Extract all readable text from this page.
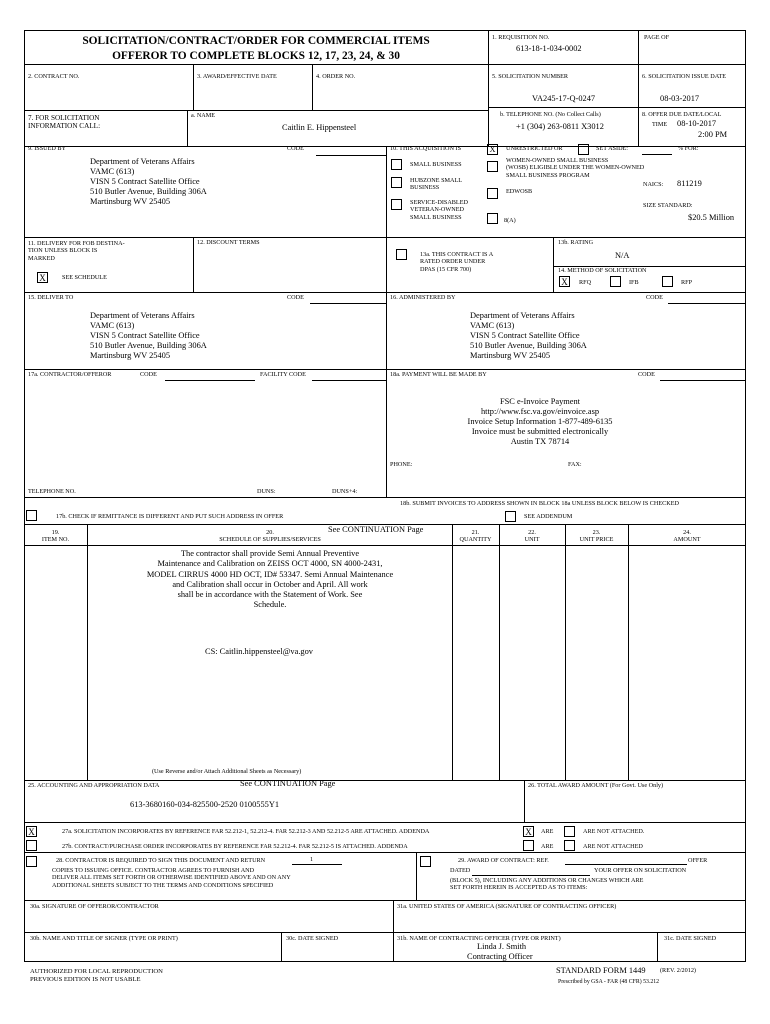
SOLICITATION/CONTRACT/ORDER FOR COMMERCIAL ITEMS
OFFEROR TO COMPLETE BLOCKS 12, 17, 23, 24, & 30
1. REQUISITION NO.
613-18-1-034-0002
PAGE OF
2. CONTRACT NO.	3. AWARD/EFFECTIVE DATE	4. ORDER NO.	5. SOLICITATION NUMBER
VA245-17-Q-0247
6. SOLICITATION ISSUE DATE
08-03-2017
7. FOR SOLICITATION
INFORMATION CALL:
a. NAME
Caitlin E. Hippensteel
b. TELEPHONE NO. (No Collect Calls)
+1 (304) 263-0811 X3012
8. OFFER DUE DATE/LOCAL
TIME 08-10-2017
2:00 PM
9. ISSUED BY	CODE
Department of Veterans Affairs
VAMC (613)
VISN 5 Contract Satellite Office
510 Butler Avenue, Building 306A
Martinsburg WV 25405
10. THIS ACQUISITION IS	X	UNRESTRICTED OR	SET ASIDE:	% FOR:
SMALL BUSINESS
WOMEN-OWNED SMALL BUSINESS
(WOSB) ELIGIBLE UNDER THE WOMEN-OWNED
SMALL BUSINESS PROGRAM
HUBZONE SMALL
BUSINESS
EDWOSB
NAICS: 811219
SERVICE-DISABLED
VETERAN-OWNED
SMALL BUSINESS	8(A)
SIZE STANDARD:
$20.5 Million
11. DELIVERY FOR FOB DESTINA-
TION UNLESS BLOCK IS
MARKED
X	SEE SCHEDULE
12. DISCOUNT TERMS
13a. THIS CONTRACT IS A
RATED ORDER UNDER
DPAS (15 CFR 700)
13b. RATING
N/A
14. METHOD OF SOLICITATION
X	RFQ	IFB	RFP
15. DELIVER TO	CODE
Department of Veterans Affairs
VAMC (613)
VISN 5 Contract Satellite Office
510 Butler Avenue, Building 306A
Martinsburg WV 25405
16. ADMINISTERED BY	CODE
Department of Veterans Affairs
VAMC (613)
VISN 5 Contract Satellite Office
510 Butler Avenue, Building 306A
Martinsburg WV 25405
17a. CONTRACTOR/OFFEROR	CODE	FACILITY CODE
TELEPHONE NO.	DUNS:	DUNS+4:
17b. CHECK IF REMITTANCE IS DIFFERENT AND PUT SUCH ADDRESS IN OFFER
18a. PAYMENT WILL BE MADE BY	CODE
FSC e-Invoice Payment
http://www.fsc.va.gov/einvoice.asp
Invoice Setup Information 1-877-489-6135
Invoice must be submitted electronically
Austin TX 78714
PHONE:	FAX:
18b. SUBMIT INVOICES TO ADDRESS SHOWN IN BLOCK 18a UNLESS BLOCK BELOW IS CHECKED
SEE ADDENDUM
19.
ITEM NO.
20.
SCHEDULE OF SUPPLIES/SERVICES
See CONTINUATION Page	21.
QUANTITY
22.
UNIT
23.
UNIT PRICE
24.
AMOUNT
The contractor shall provide Semi Annual Preventive
Maintenance and Calibration on ZEISS OCT 4000, SN 4000-2431,
MODEL CIRRUS 4000 HD OCT, ID# 53347. Semi Annual Maintenance
and Calibration shall occur in October and April. All work
shall be in accordance with the Statement of Work. See
Schedule.
CS: Caitlin.hippensteel@va.gov
(Use Reverse and/or Attach Additional Sheets as Necessary)
25. ACCOUNTING AND APPROPRIATION DATA	See CONTINUATION Page
613-3680160-034-825500-2520 0100555Y1
26. TOTAL AWARD AMOUNT (For Govt. Use Only)
X	27a. SOLICITATION INCORPORATES BY REFERENCE FAR 52.212-1, 52.212-4. FAR 52.212-3 AND 52.212-5 ARE ATTACHED. ADDENDA	X	ARE	ARE NOT ATTACHED.
27b. CONTRACT/PURCHASE ORDER INCORPORATES BY REFERENCE FAR 52.212-4. FAR 52.212-5 IS ATTACHED. ADDENDA	ARE	ARE NOT ATTACHED
28. CONTRACTOR IS REQUIRED TO SIGN THIS DOCUMENT AND RETURN	1
COPIES TO ISSUING OFFICE. CONTRACTOR AGREES TO FURNISH AND
DELIVER ALL ITEMS SET FORTH OR OTHERWISE IDENTIFIED ABOVE AND ON ANY
ADDITIONAL SHEETS SUBJECT TO THE TERMS AND CONDITIONS SPECIFIED
29. AWARD OF CONTRACT: REF.	OFFER
DATED	YOUR OFFER ON SOLICITATION
(BLOCK 5), INCLUDING ANY ADDITIONS OR CHANGES WHICH ARE
SET FORTH HEREIN IS ACCEPTED AS TO ITEMS:
30a. SIGNATURE OF OFFEROR/CONTRACTOR	31a. UNITED STATES OF AMERICA (SIGNATURE OF CONTRACTING OFFICER)
30b. NAME AND TITLE OF SIGNER (TYPE OR PRINT)	30c. DATE SIGNED	31b. NAME OF CONTRACTING OFFICER (TYPE OR PRINT)
Linda J. Smith
Contracting Officer
31c. DATE SIGNED
AUTHORIZED FOR LOCAL REPRODUCTION
PREVIOUS EDITION IS NOT USABLE
STANDARD FORM 1449 (REV. 2/2012)
Prescribed by GSA - FAR (48 CFR) 53.212
